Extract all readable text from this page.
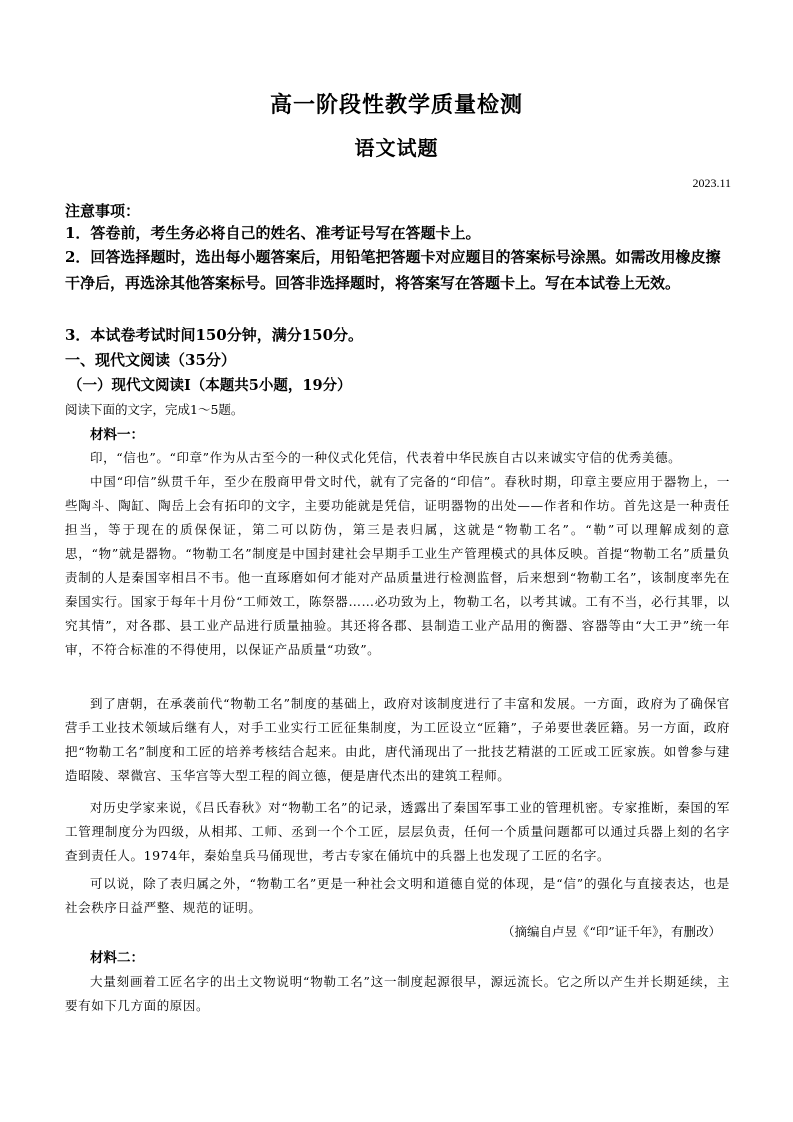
高一阶段性教学质量检测
语文试题
2023.11
注意事项：
1．答卷前，考生务必将自己的姓名、准考证号写在答题卡上。
2．回答选择题时，选出每小题答案后，用铅笔把答题卡对应题目的答案标号涂黑。如需改用橡皮擦干净后，再选涂其他答案标号。回答非选择题时，将答案写在答题卡上。写在本试卷上无效。
3．本试卷考试时间150分钟，满分150分。
一、现代文阅读（35分）
（一）现代文阅读Ⅰ（本题共5小题，19分）
阅读下面的文字，完成1～5题。
材料一：
印，“信也”。“印章”作为从古至今的一种仪式化凭信，代表着中华民族自古以来诚实守信的优秀美德。
中国“印信”纵贯千年，至少在殷商甲骨文时代，就有了完备的“印信”。春秋时期，印章主要应用于器物上，一些陶斗、陶缸、陶岳上会有拓印的文字，主要功能就是凭信，证明器物的出处——作者和作坊。首先这是一种责任担当，等于现在的质保保证，第二可以防伪，第三是表归属，这就是“物勒工名”。“勒”可以理解成刻的意思，“物”就是器物。“物勒工名”制度是中国封建社会早期手工业生产管理模式的具体反映。首提“物勒工名”质量负责制的人是秦国宰相吕不韦。他一直琢磨如何才能对产品质量进行检测监督，后来想到“物勒工名”，该制度率先在秦国实行。国家于每年十月份“工师效工，陈祭器……必功致为上，物勒工名，以考其诚。工有不当，必行其罪，以究其情”，对各郡、县工业产品进行质量抽验。其还将各郡、县制造工业产品用的衡器、容器等由“大工尹”统一年审，不符合标准的不得使用，以保证产品质量“功致”。
到了唐朝，在承袭前代“物勒工名”制度的基础上，政府对该制度进行了丰富和发展。一方面，政府为了确保官营手工业技术领域后继有人，对手工业实行工匠征集制度，为工匠设立“匠籍”，子弟要世袭匠籍。另一方面，政府把“物勒工名”制度和工匠的培养考核结合起来。由此，唐代涌现出了一批技艺精湛的工匠或工匠家族。如曾参与建造昭陵、翠微宫、玉华宫等大型工程的阎立德，便是唐代杰出的建筑工程师。
对历史学家来说，《吕氏春秋》对“物勒工名”的记录，透露出了秦国军事工业的管理机密。专家推断，秦国的军工管理制度分为四级，从相邦、工师、丞到一个个工匠，层层负责，任何一个质量问题都可以通过兵器上刻的名字查到责任人。1974年，秦始皇兵马俑现世，考古专家在俑坑中的兵器上也发现了工匠的名字。
可以说，除了表归属之外，“物勒工名”更是一种社会文明和道德自觉的体现，是“信”的强化与直接表达，也是社会秩序日益严整、规范的证明。
（摘编自卢昱《“印”证千年》，有删改）
材料二：
大量刻画着工匠名字的出土文物说明“物勒工名”这一制度起源很早，源远流长。它之所以产生并长期延续，主要有如下几方面的原因。
